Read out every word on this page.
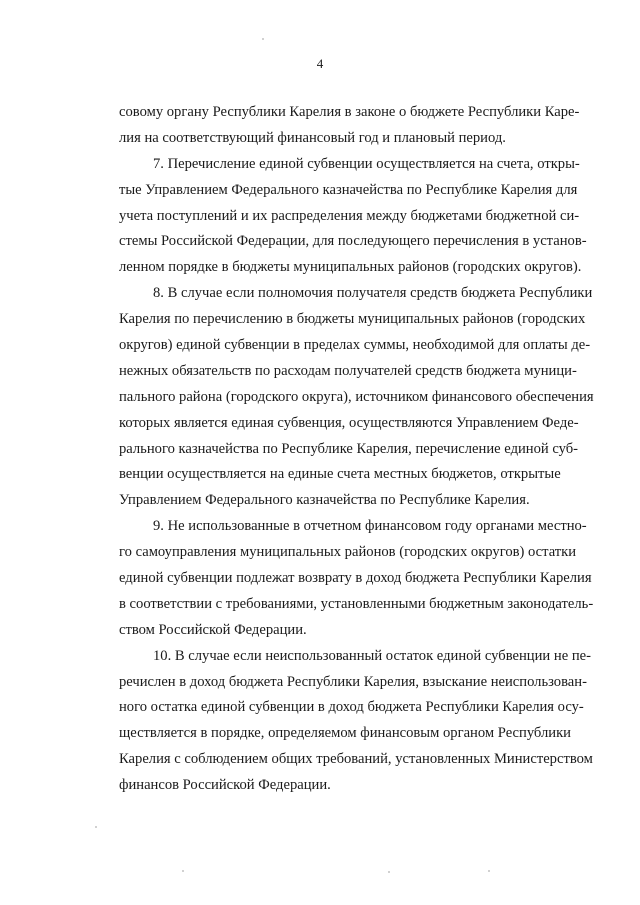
4
совому органу Республики Карелия в законе о бюджете Республики Каре-
лия на соответствующий финансовый год и плановый период.
7. Перечисление единой субвенции осуществляется на счета, откры-
тые Управлением Федерального казначейства по Республике Карелия для
учета поступлений и их распределения между бюджетами бюджетной си-
стемы Российской Федерации, для последующего перечисления в установ-
ленном порядке в бюджеты муниципальных районов (городских округов).
8. В случае если полномочия получателя средств бюджета Республики
Карелия по перечислению в бюджеты муниципальных районов (городских
округов) единой субвенции в пределах суммы, необходимой для оплаты де-
нежных обязательств по расходам получателей средств бюджета муници-
пального района (городского округа), источником финансового обеспечения
которых является единая субвенция, осуществляются Управлением Феде-
рального казначейства по Республике Карелия, перечисление единой суб-
венции осуществляется на единые счета местных бюджетов, открытые
Управлением Федерального казначейства по Республике Карелия.
9. Не использованные в отчетном финансовом году органами местно-
го самоуправления муниципальных районов (городских округов) остатки
единой субвенции подлежат возврату в доход бюджета Республики Карелия
в соответствии с требованиями, установленными бюджетным законодатель-
ством Российской Федерации.
10. В случае если неиспользованный остаток единой субвенции не пе-
речислен в доход бюджета Республики Карелия, взыскание неиспользован-
ного остатка единой субвенции в доход бюджета Республики Карелия осу-
ществляется в порядке, определяемом финансовым органом Республики
Карелия с соблюдением общих требований, установленных Министерством
финансов Российской Федерации.
